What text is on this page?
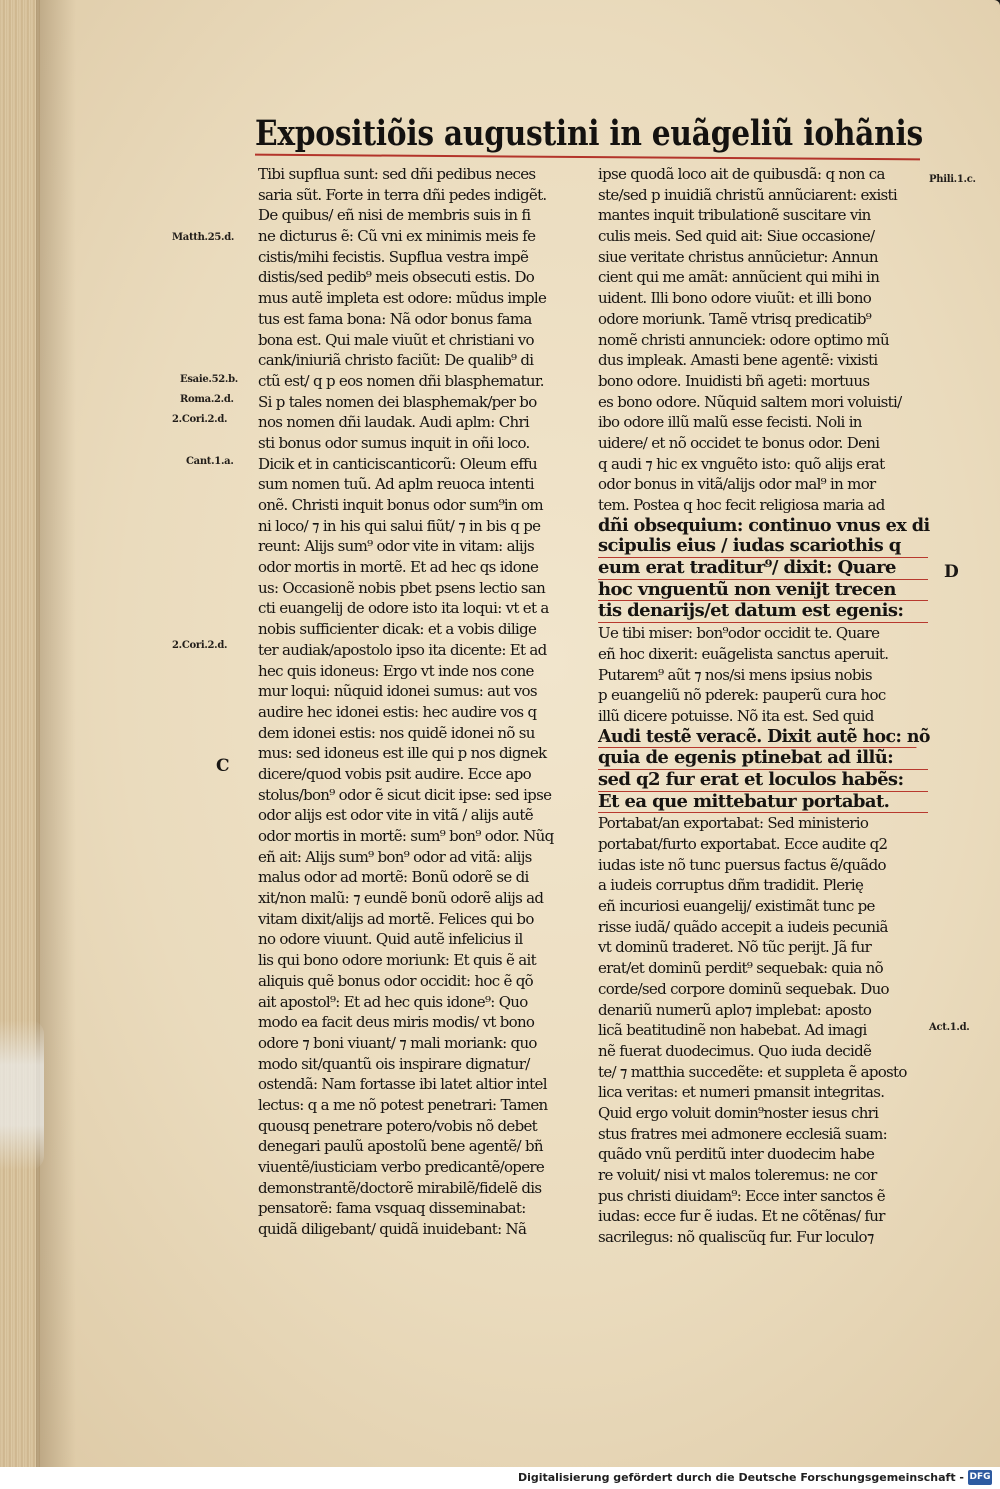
Expositiõis augustini in euãgeliũ iohãnis
Tibi supflua sunt: sed dñi pedibus neces
saria sũt. Forte in terra dñi pedes indigẽt.
De quibus/ eñ nisi de membris suis in fi
ne dicturus ẽ: Cũ vni ex minimis meis fe
cistis/mihi fecistis. Supflua vestra impẽ
distis/sed pedib⁹ meis obsecuti estis. Do
mus autẽ impleta est odore: mũdus imple
tus est fama bona: Nã odor bonus fama
bona est. Qui male viuũt et christiani vo
cank/iniuriã christo faciũt: De qualib⁹ di
ctũ est/ q p eos nomen dñi blasphematur.
Si p tales nomen dei blasphemak/per bo
nos nomen dñi laudak. Audi aplm: Chri
sti bonus odor sumus inquit in oñi loco.
Dicik et in canticiscanticorũ: Oleum effu
sum nomen tuũ. Ad aplm reuoca intenti
onẽ. Christi inquit bonus odor sum⁹in om
ni loco/ ⁊ in his qui salui fiũt/ ⁊ in bis q pe
reunt: Alijs sum⁹ odor vite in vitam: alijs
odor mortis in mortẽ. Et ad hec qs idone
us: Occasionẽ nobis pbet psens lectio san
cti euangelij de odore isto ita loqui: vt et a
nobis sufficienter dicak: et a vobis dilige
ter audiak/apostolo ipso ita dicente: Et ad
hec quis idoneus: Ergo vt inde nos cone
mur loqui: nũquid idonei sumus: aut vos
audire hec idonei estis: hec audire vos q
dem idonei estis: nos quidẽ idonei nõ su
mus: sed idoneus est ille qui p nos dignek
dicere/quod vobis psit audire. Ecce apo
stolus/bon⁹ odor ẽ sicut dicit ipse: sed ipse
odor alijs est odor vite in vitã / alijs autẽ
odor mortis in mortẽ: sum⁹ bon⁹ odor. Nũq
eñ ait: Alijs sum⁹ bon⁹ odor ad vitã: alijs
malus odor ad mortẽ: Bonũ odorẽ se di
xit/non malũ: ⁊ eundẽ bonũ odorẽ alijs ad
vitam dixit/alijs ad mortẽ. Felices qui bo
no odore viuunt. Quid autẽ infelicius il
lis qui bono odore moriunk: Et quis ẽ ait
aliquis quẽ bonus odor occidit: hoc ẽ qõ
ait apostol⁹: Et ad hec quis idone⁹: Quo
modo ea facit deus miris modis/ vt bono
odore ⁊ boni viuant/ ⁊ mali moriank: quo
modo sit/quantũ ois inspirare dignatur/
ostendã: Nam fortasse ibi latet altior intel
lectus: q a me nõ potest penetrari: Tamen
quousq penetrare potero/vobis nõ debet
denegari paulũ apostolũ bene agentẽ/ bñ
viuentẽ/iusticiam verbo predicantẽ/opere
demonstrantẽ/doctorẽ mirabilẽ/fidelẽ dis
pensatorẽ: fama vsquaq disseminabat:
quidã diligebant/ quidã inuidebant: Nã
ipse quodã loco ait de quibusdã: q non ca
ste/sed p inuidiã christũ annũciarent: existi
mantes inquit tribulationẽ suscitare vin
culis meis. Sed quid ait: Siue occasione/
siue veritate christus annũcietur: Annun
cient qui me amãt: annũcient qui mihi in
uident. Illi bono odore viuũt: et illi bono
odore moriunk. Tamẽ vtrisq predicatib⁹
nomẽ christi annunciek: odore optimo mũ
dus impleak. Amasti bene agentẽ: vixisti
bono odore. Inuidisti bñ ageti: mortuus
es bono odore. Nũquid saltem mori voluisti/
ibo odore illũ malũ esse fecisti. Noli in
uidere/ et nõ occidet te bonus odor. Deni
q audi ⁊ hic ex vnguẽto isto: quõ alijs erat
odor bonus in vitã/alijs odor mal⁹ in mor
tem. Postea q hoc fecit religiosa maria ad
dñi obsequium: continuo vnus ex di
scipulis eius / iudas scariothis q
eum erat traditur⁹/ dixit: Quare
hoc vnguentũ non venijt trecen
tis denarijs/et datum est egenis:
Ue tibi miser: bon⁹odor occidit te. Quare
eñ hoc dixerit: euãgelista sanctus aperuit.
Putarem⁹ aũt ⁊ nos/si mens ipsius nobis
p euangeliũ nõ pderek: pauperũ cura hoc
illũ dicere potuisse. Nõ ita est. Sed quid
Audi testẽ veracẽ. Dixit autẽ hoc: nõ
quia de egenis ptinebat ad illũ:
sed q2 fur erat et loculos habẽs:
Et ea que mittebatur portabat.
Portabat/an exportabat: Sed ministerio
portabat/furto exportabat. Ecce audite q2
iudas iste nõ tunc puersus factus ẽ/quãdo
a iudeis corruptus dñm tradidit. Plerię
eñ incuriosi euangelij/ existimãt tunc pe
risse iudã/ quãdo accepit a iudeis pecuniã
vt dominũ traderet. Nõ tũc perijt. Jã fur
erat/et dominũ perdit⁹ sequebak: quia nõ
corde/sed corpore dominũ sequebak. Duo
denariũ numerũ aplo⁊ implebat: aposto
licã beatitudinẽ non habebat. Ad imagi
nẽ fuerat duodecimus. Quo iuda decidẽ
te/ ⁊ matthia succedẽte: et suppleta ẽ aposto
lica veritas: et numeri pmansit integritas.
Quid ergo voluit domin⁹noster iesus chri
stus fratres mei admonere ecclesiã suam:
quãdo vnũ perditũ inter duodecim habe
re voluit/ nisi vt malos toleremus: ne cor
pus christi diuidam⁹: Ecce inter sanctos ẽ
iudas: ecce fur ẽ iudas. Et ne cõtẽnas/ fur
sacrilegus: nõ qualiscũq fur. Fur loculo⁊
Matth.25.d.
Esaie.52.b.
Roma.2.d.
2.Cori.2.d.
Cant.1.a.
2.Cori.2.d.
Phili.1.c.
Act.1.d.
C
D
Digitalisierung gefördert durch die Deutsche Forschungsgemeinschaft - DFG
